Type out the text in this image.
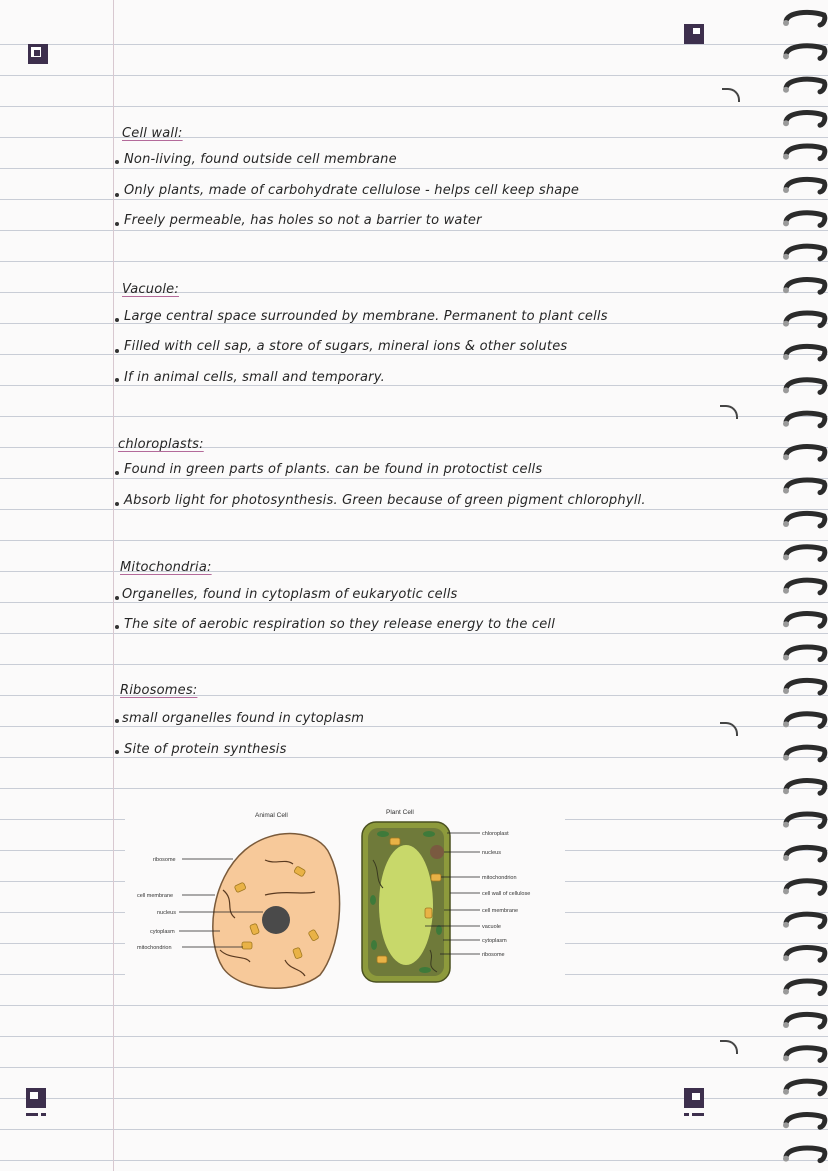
Cell wall:
Non-living, found outside cell membrane
Only plants, made of carbohydrate cellulose - helps cell keep shape
Freely permeable, has holes so not a barrier to water
Vacuole:
Large central space surrounded by membrane. Permanent to plant cells
Filled with cell sap, a store of sugars, mineral ions & other solutes
If in animal cells, small and temporary.
chloroplasts:
Found in green parts of plants. can be found in protoctist cells
Absorb light for photosynthesis. Green because of green pigment chlorophyll.
Mitochondria:
Organelles, found in cytoplasm of eukaryotic cells
The site of aerobic respiration so they release energy to the cell
Ribosomes:
small organelles found in cytoplasm
Site of protein synthesis
Animal Cell
ribosome
cell membrane
nucleus
cytoplasm
mitochondrion
Plant Cell
chloroplast
nucleus
mitochondrion
cell wall of cellulose
cell membrane
vacuole
cytoplasm
ribosome
